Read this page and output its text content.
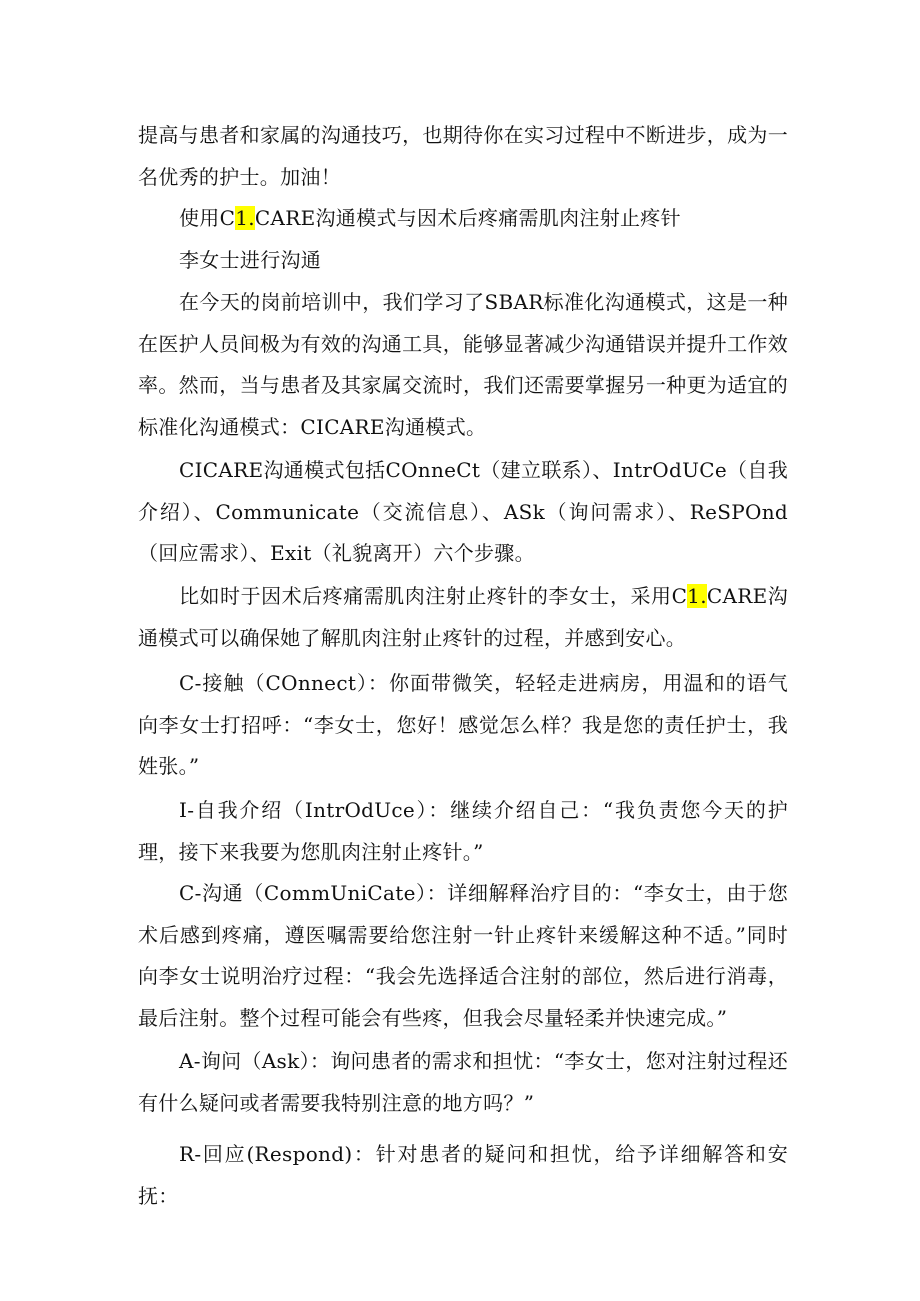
提高与患者和家属的沟通技巧，也期待你在实习过程中不断进步，成为一名优秀的护士。加油！

使用C1.CARE沟通模式与因术后疼痛需肌肉注射止疼针

李女士进行沟通

在今天的岗前培训中，我们学习了SBAR标准化沟通模式，这是一种在医护人员间极为有效的沟通工具，能够显著减少沟通错误并提升工作效率。然而，当与患者及其家属交流时，我们还需要掌握另一种更为适宜的标准化沟通模式：CICARE沟通模式。

CICARE沟通模式包括COnneCt（建立联系）、IntrOdUCe（自我介绍）、Communicate（交流信息）、ASk（询问需求）、ReSPOnd（回应需求）、Exit（礼貌离开）六个步骤。

比如时于因术后疼痛需肌肉注射止疼针的李女士，采用C1.CARE沟通模式可以确保她了解肌肉注射止疼针的过程，并感到安心。

C-接触（COnnect）：你面带微笑，轻轻走进病房，用温和的语气向李女士打招呼：“李女士，您好！感觉怎么样？我是您的责任护士，我姓张。”

I-自我介绍（IntrOdUce）：继续介绍自己：“我负责您今天的护理，接下来我要为您肌肉注射止疼针。”

C-沟通（CommUniCate）：详细解释治疗目的：“李女士，由于您术后感到疼痛，遵医嘱需要给您注射一针止疼针来缓解这种不适。”同时向李女士说明治疗过程：“我会先选择适合注射的部位，然后进行消毒，最后注射。整个过程可能会有些疼，但我会尽量轻柔并快速完成。”

A-询问（Ask）：询问患者的需求和担忧：“李女士，您对注射过程还有什么疑问或者需要我特别注意的地方吗？”

R-回应(Respond)：针对患者的疑问和担忧，给予详细解答和安抚：
